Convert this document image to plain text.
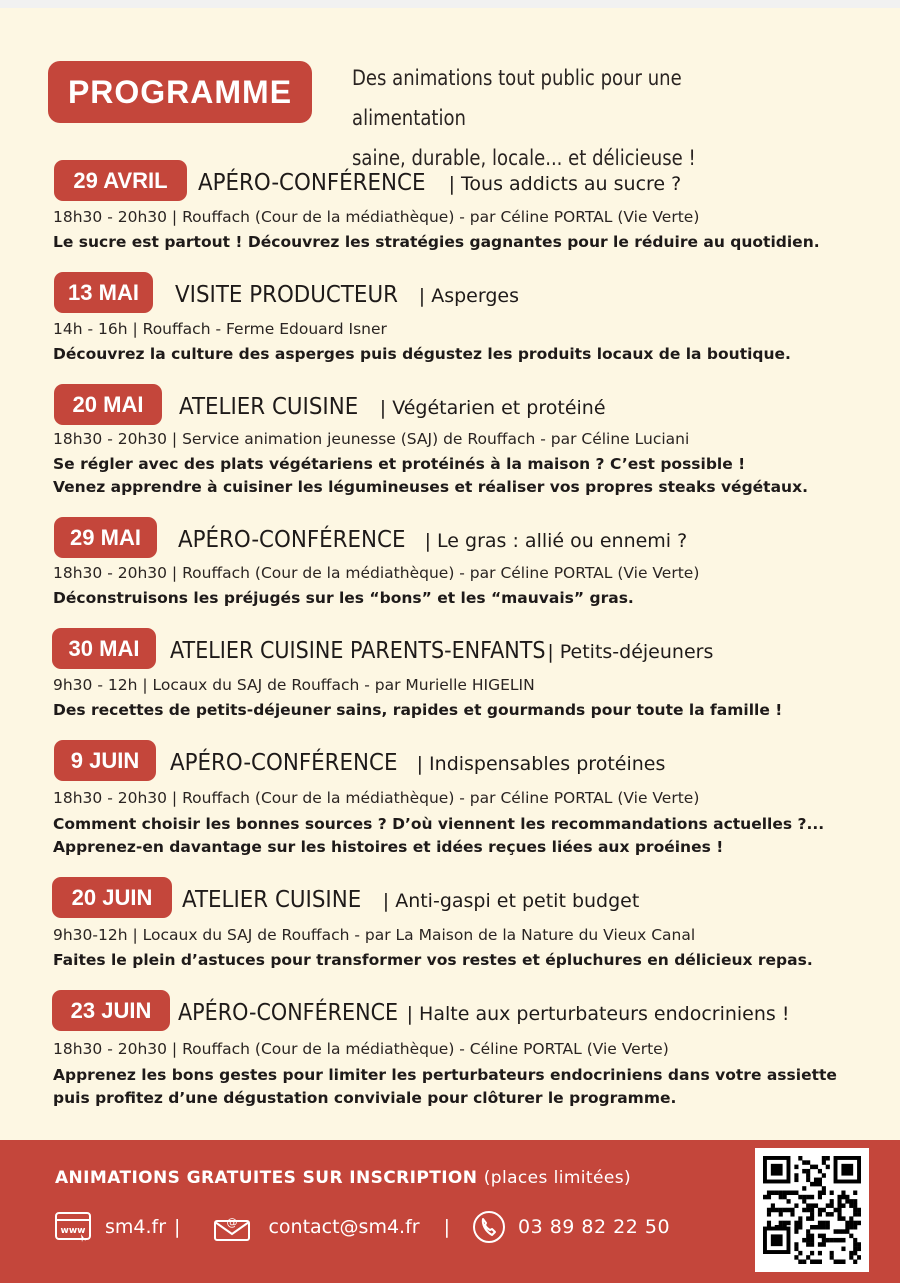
PROGRAMME	Des animations tout public pour une alimentation
saine, durable, locale... et délicieuse !
29 AVRIL	APÉRO-CONFÉRENCE | Tous addicts au sucre ?
18h30 - 20h30 | Rouffach (Cour de la médiathèque) - par Céline PORTAL (Vie Verte)
Le sucre est partout ! Découvrez les stratégies gagnantes pour le réduire au quotidien.
13 MAI	VISITE PRODUCTEUR | Asperges
14h - 16h | Rouffach - Ferme Edouard Isner
Découvrez la culture des asperges puis dégustez les produits locaux de la boutique.
20 MAI	ATELIER CUISINE | Végétarien et protéiné
18h30 - 20h30 | Service animation jeunesse (SAJ) de Rouffach - par Céline Luciani
Se régler avec des plats végétariens et protéinés à la maison ? C’est possible !
Venez apprendre à cuisiner les légumineuses et réaliser vos propres steaks végétaux.
29 MAI	APÉRO-CONFÉRENCE | Le gras : allié ou ennemi ?
18h30 - 20h30 | Rouffach (Cour de la médiathèque) - par Céline PORTAL (Vie Verte)
Déconstruisons les préjugés sur les “bons” et les “mauvais” gras.
30 MAI	ATELIER CUISINE PARENTS-ENFANTS | Petits-déjeuners
9h30 - 12h | Locaux du SAJ de Rouffach - par Murielle HIGELIN
Des recettes de petits-déjeuner sains, rapides et gourmands pour toute la famille !
9 JUIN	APÉRO-CONFÉRENCE | Indispensables protéines
18h30 - 20h30 | Rouffach (Cour de la médiathèque) - par Céline PORTAL (Vie Verte)
Comment choisir les bonnes sources ? D’où viennent les recommandations actuelles ?...
Apprenez-en davantage sur les histoires et idées reçues liées aux proéines !
20 JUIN	ATELIER CUISINE | Anti-gaspi et petit budget
9h30-12h | Locaux du SAJ de Rouffach - par La Maison de la Nature du Vieux Canal
Faites le plein d’astuces pour transformer vos restes et épluchures en délicieux repas.
23 JUIN	APÉRO-CONFÉRENCE | Halte aux perturbateurs endocriniens !
18h30 - 20h30 | Rouffach (Cour de la médiathèque) - Céline PORTAL (Vie Verte)
Apprenez les bons gestes pour limiter les perturbateurs endocriniens dans votre assiette
puis profitez d’une dégustation conviviale pour clôturer le programme.
ANIMATIONS GRATUITES SUR INSCRIPTION (places limitées)
www sm4.fr |	@ contact@sm4.fr |	03 89 82 22 50
